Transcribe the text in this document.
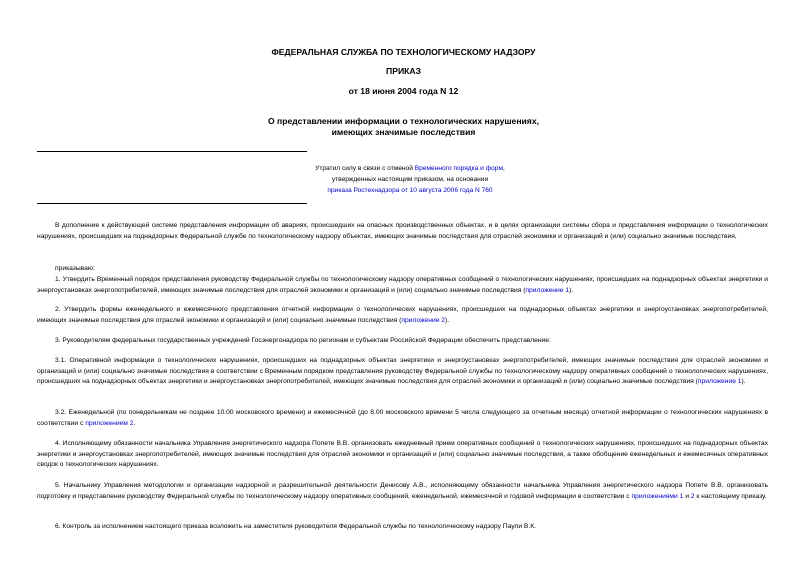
ФЕДЕРАЛЬНАЯ СЛУЖБА ПО ТЕХНОЛОГИЧЕСКОМУ НАДЗОРУ
ПРИКАЗ
от 18 июня 2004 года N 12
О представлении информации о технологических нарушениях,
имеющих значимые последствия
Утратил силу в связи с отменой Временного порядка и форм,
утвержденных настоящим приказом, на основании
приказа Ростехнадзора от 10 августа 2006 года N 760
В дополнение к действующей системе представления информации об авариях, происшедших на опасных производственных объектах, и в целях организации системы сбора и представления информации о технологических нарушениях, происшедших на поднадзорных Федеральной службе по технологическому надзору объектах, имеющих значимые последствия для отраслей экономики и организаций и (или) социально значимые последствия,
приказываю:
1. Утвердить Временный порядок представления руководству Федеральной службы по технологическому надзору оперативных сообщений о технологических нарушениях, происшедших на поднадзорных объектах энергетики и энергоустановках энергопотребителей, имеющих значимые последствия для отраслей экономики и организаций и (или) социально значимые последствия (приложение 1).
2. Утвердить формы еженедельного и ежемесячного представления отчетной информации о технологических нарушениях, происшедших на поднадзорных объектах энергетики и энергоустановках энергопотребителей, имеющих значимые последствия для отраслей экономики и организаций и (или) социально значимые последствия (приложение 2).
3. Руководителям федеральных государственных учреждений Госэнергонадзора по регионам и субъектам Российской Федерации обеспечить представление:
3.1. Оперативной информации о технологических нарушениях, происшедших на поднадзорных объектах энергетики и энергоустановках энергопотребителей, имеющих значимые последствия для отраслей экономики и организаций и (или) социально значимые последствия в соответствии с Временным порядком представления руководству Федеральной службы по технологическому надзору оперативных сообщений о технологических нарушениях, происшедших на поднадзорных объектах энергетики и энергоустановках энергопотребителей, имеющих значимые последствия для отраслей экономики и организаций и (или) социально значимые последствия (приложение 1).
3.2. Еженедельной (по понедельникам не позднее 10.00 московского времени) и ежемесячной (до 8.00 московского времени 5 числа следующего за отчетным месяца) отчетной информации о технологических нарушениях в соответствии с приложением 2.
4. Исполняющему обязанности начальника Управления энергетического надзора Попете В.В. организовать ежедневный прием оперативных сообщений о технологических нарушениях, происшедших на поднадзорных объектах энергетики и энергоустановках энергопотребителей, имеющих значимые последствия для отраслей экономики и организаций и (или) социально значимые последствия, а также обобщение еженедельных и ежемесячных оперативных сводок о технологических нарушениях.
5. Начальнику Управления методологии и организации надзорной и разрешительной деятельности Денисову А.В., исполняющему обязанности начальника Управления энергетического надзора Попете В.В. организовать подготовку и представление руководству Федеральной службы по технологическому надзору оперативных сообщений, еженедельной, ежемесячной и годовой информации в соответствии с приложениями 1 и 2 к настоящему приказу.
6. Контроль за исполнением настоящего приказа возложить на заместителя руководителя Федеральной службы по технологическому надзору Паули В.К.
